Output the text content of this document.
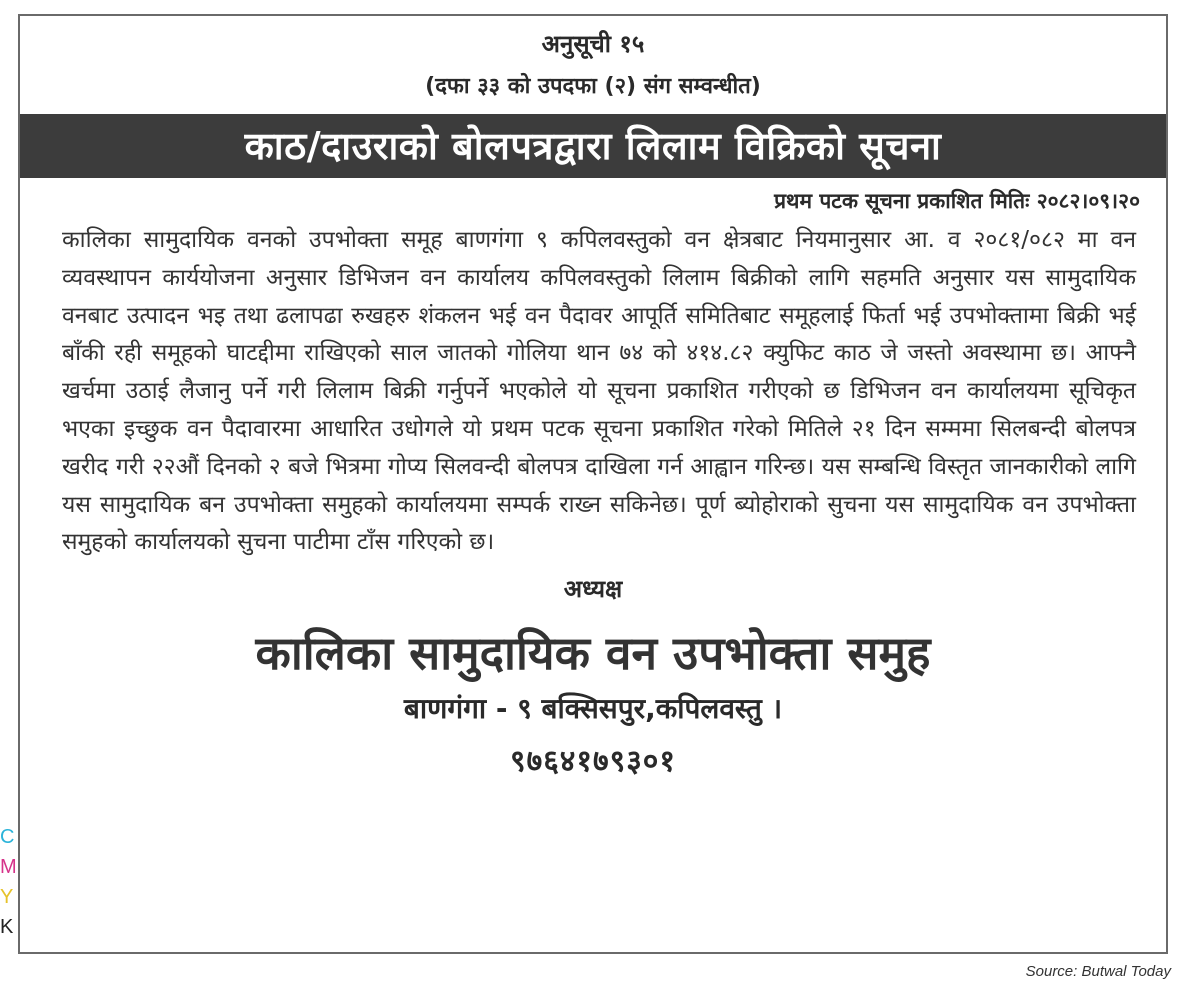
C
M
Y
K
अनुसूची १५
(दफा ३३ को उपदफा (२) संग सम्वन्धीत)
काठ/दाउराको बोलपत्रद्वारा लिलाम विक्रिको सूचना
प्रथम पटक सूचना प्रकाशित मितिः २०८२।०९।२०
कालिका सामुदायिक वनको उपभोक्ता समूह बाणगंगा ९ कपिलवस्तुको वन क्षेत्रबाट नियमानुसार आ. व २०८१/०८२ मा वन व्यवस्थापन कार्ययोजना अनुसार डिभिजन वन कार्यालय कपिलवस्तुको लिलाम बिक्रीको लागि सहमति अनुसार यस सामुदायिक वनबाट उत्पादन भइ तथा ढलापढा रुखहरु शंकलन भई वन पैदावर आपूर्ति समितिबाट समूहलाई फिर्ता भई उपभोक्तामा बिक्री भई बाँकी रही समूहको घाटद्दीमा राखिएको साल जातको गोलिया थान ७४ को ४१४.८२ क्युफिट काठ जे जस्तो अवस्थामा छ। आफ्नै खर्चमा उठाई लैजानु पर्ने गरी लिलाम बिक्री गर्नुपर्ने भएकोले यो सूचना प्रकाशित गरीएको छ डिभिजन वन कार्यालयमा सूचिकृत भएका इच्छुक वन पैदावारमा आधारित उधोगले यो प्रथम पटक सूचना प्रकाशित गरेको मितिले २१ दिन सम्ममा सिलबन्दी बोलपत्र खरीद गरी २२औं दिनको २ बजे भित्रमा गोप्य सिलवन्दी बोलपत्र दाखिला गर्न आह्वान गरिन्छ। यस सम्बन्धि विस्तृत जानकारीको लागि यस सामुदायिक बन उपभोक्ता समुहको कार्यालयमा सम्पर्क राख्न सकिनेछ। पूर्ण ब्योहोराको सुचना यस सामुदायिक वन उपभोक्ता समुहको कार्यालयको सुचना पाटीमा टाँस गरिएको छ।
अध्यक्ष
कालिका सामुदायिक वन उपभोक्ता समुह
बाणगंगा - ९ बक्सिसपुर,कपिलवस्तु ।
९७६४१७९३०१
Source: Butwal Today
